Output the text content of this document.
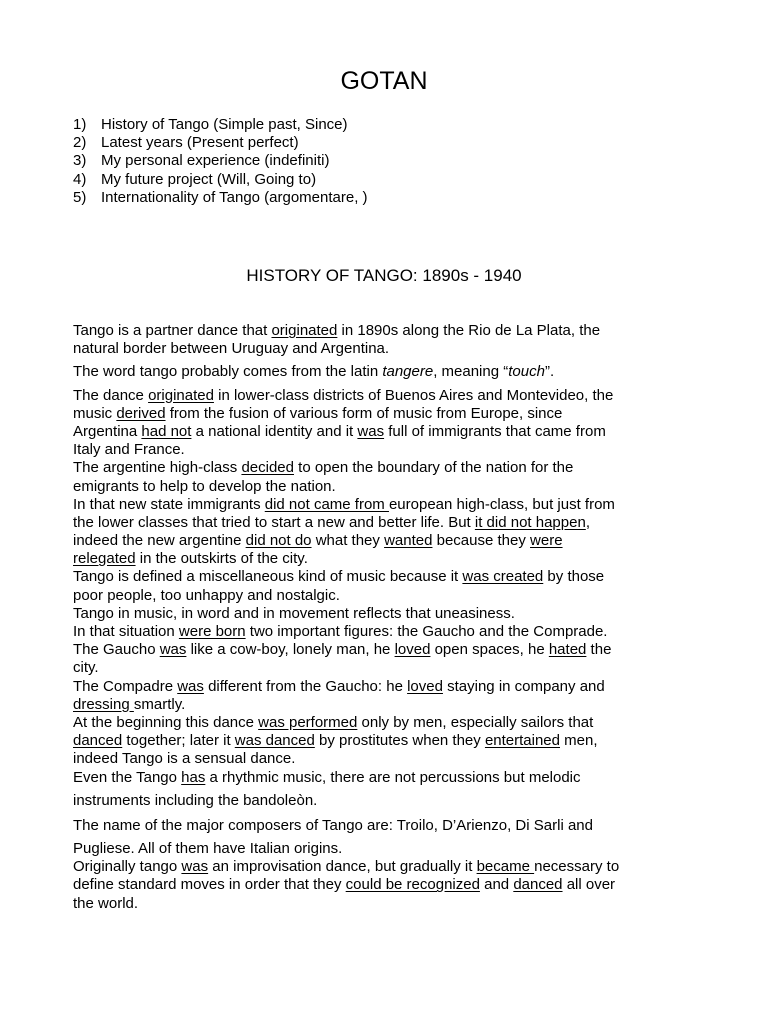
GOTAN
1) History of Tango (Simple past, Since)
2) Latest years (Present perfect)
3) My personal experience (indefiniti)
4) My future project (Will, Going to)
5) Internationality of Tango (argomentare, )
HISTORY OF TANGO: 1890s - 1940
Tango is a partner dance that originated in 1890s along the Rio de La Plata, the
natural border between Uruguay and Argentina.
The word tango probably comes from the latin tangere, meaning “touch”.
The dance originated in lower-class districts of Buenos Aires and Montevideo, the
music derived from the fusion of various form of music from Europe, since
Argentina had not a national identity and it was full of immigrants that came from
Italy and France.
The argentine high-class decided to open the boundary of the nation for the
emigrants to help to develop the nation.
In that new state immigrants did not came from european high-class, but just from
the lower classes that tried to start a new and better life. But it did not happen,
indeed the new argentine did not do what they wanted because they were
relegated in the outskirts of the city.
Tango is defined a miscellaneous kind of music because it was created by those
poor people, too unhappy and nostalgic.
Tango in music, in word and in movement reflects that uneasiness.
In that situation were born two important figures: the Gaucho and the Comprade.
The Gaucho was like a cow-boy, lonely man, he loved open spaces, he hated the
city.
The Compadre was different from the Gaucho: he loved staying in company and
dressing smartly.
At the beginning this dance was performed only by men, especially sailors that
danced together; later it was danced by prostitutes when they entertained men,
indeed Tango is a sensual dance.
Even the Tango has a rhythmic music, there are not percussions but melodic
instruments including the bandoleòn.
The name of the major composers of Tango are: Troilo, D’Arienzo, Di Sarli and
Pugliese. All of them have Italian origins.
Originally tango was an improvisation dance, but gradually it became necessary to
define standard moves in order that they could be recognized and danced all over
the world.
